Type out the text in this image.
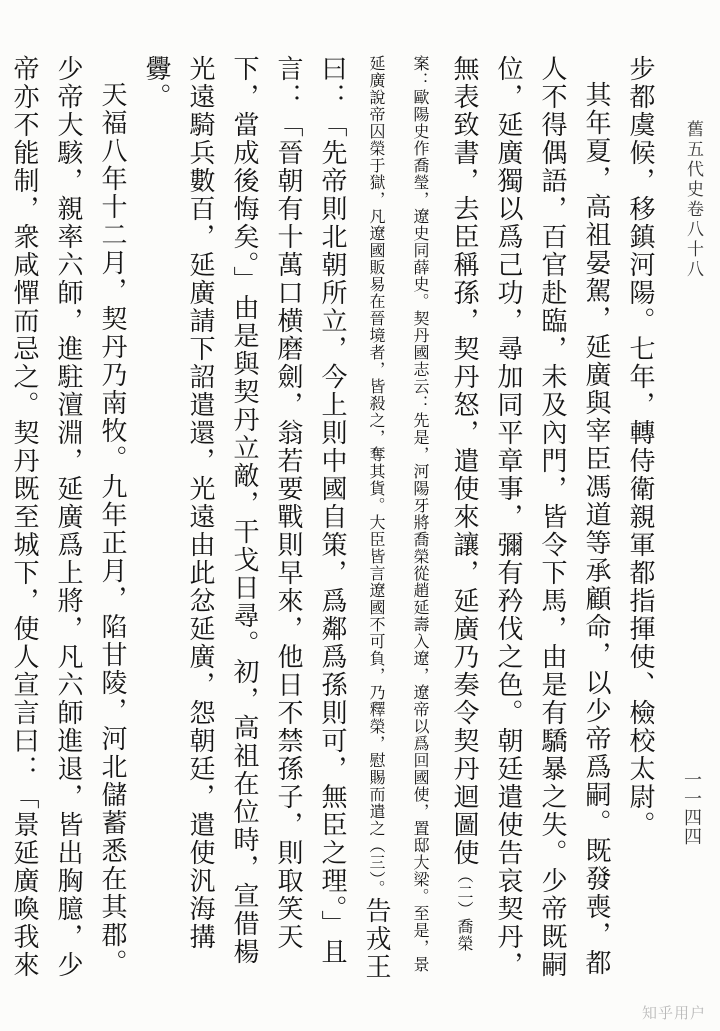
舊五代史卷八十八
一一四四

步都虞候，移鎮河陽。七年，轉侍衛親軍都指揮使、檢校太尉。

其年夏，高祖晏駕，延廣與宰臣馮道等承顧命，以少帝爲嗣。既發喪，都人不得偶語，百官赴臨，未及內門，皆令下馬，由是有驕暴之失。少帝既嗣位，延廣獨以爲己功，尋加同平章事，彌有矜伐之色。朝廷遣使告哀契丹，無表致書，去臣稱孫，契丹怒，遣使來讓，延廣乃奏令契丹迴圖使（二）喬榮案：歐陽史作喬瑩，遼史同薛史。契丹國志云：先是，河陽牙將喬榮從趙延壽入遼，遼帝以爲回國使，置邸大梁。至是，景延廣說帝囚榮于獄，凡遼國販易在晉境者，皆殺之，奪其貨。大臣皆言遼國不可負，乃釋榮，慰賜而遣之（三）。告戎王曰：「先帝則北朝所立，今上則中國自策，爲鄰爲孫則可，無臣之理。」且言：「晉朝有十萬口横磨劍，翁若要戰則早來，他日不禁孫子，則取笑天下，當成後悔矣。」由是與契丹立敵，干戈日尋。初，高祖在位時，宣借楊光遠騎兵數百，延廣請下詔遣還，光遠由此忿延廣，怨朝廷，遣使汎海搆釁。

天福八年十二月，契丹乃南牧。九年正月，陷甘陵，河北儲蓄悉在其郡。少帝大駭，親率六師，進駐澶淵，延廣爲上將，凡六師進退，皆出胸臆，少帝亦不能制，衆咸憚而忌之。契丹既至城下，使人宣言曰：「景延廣喚我來

知乎用户
